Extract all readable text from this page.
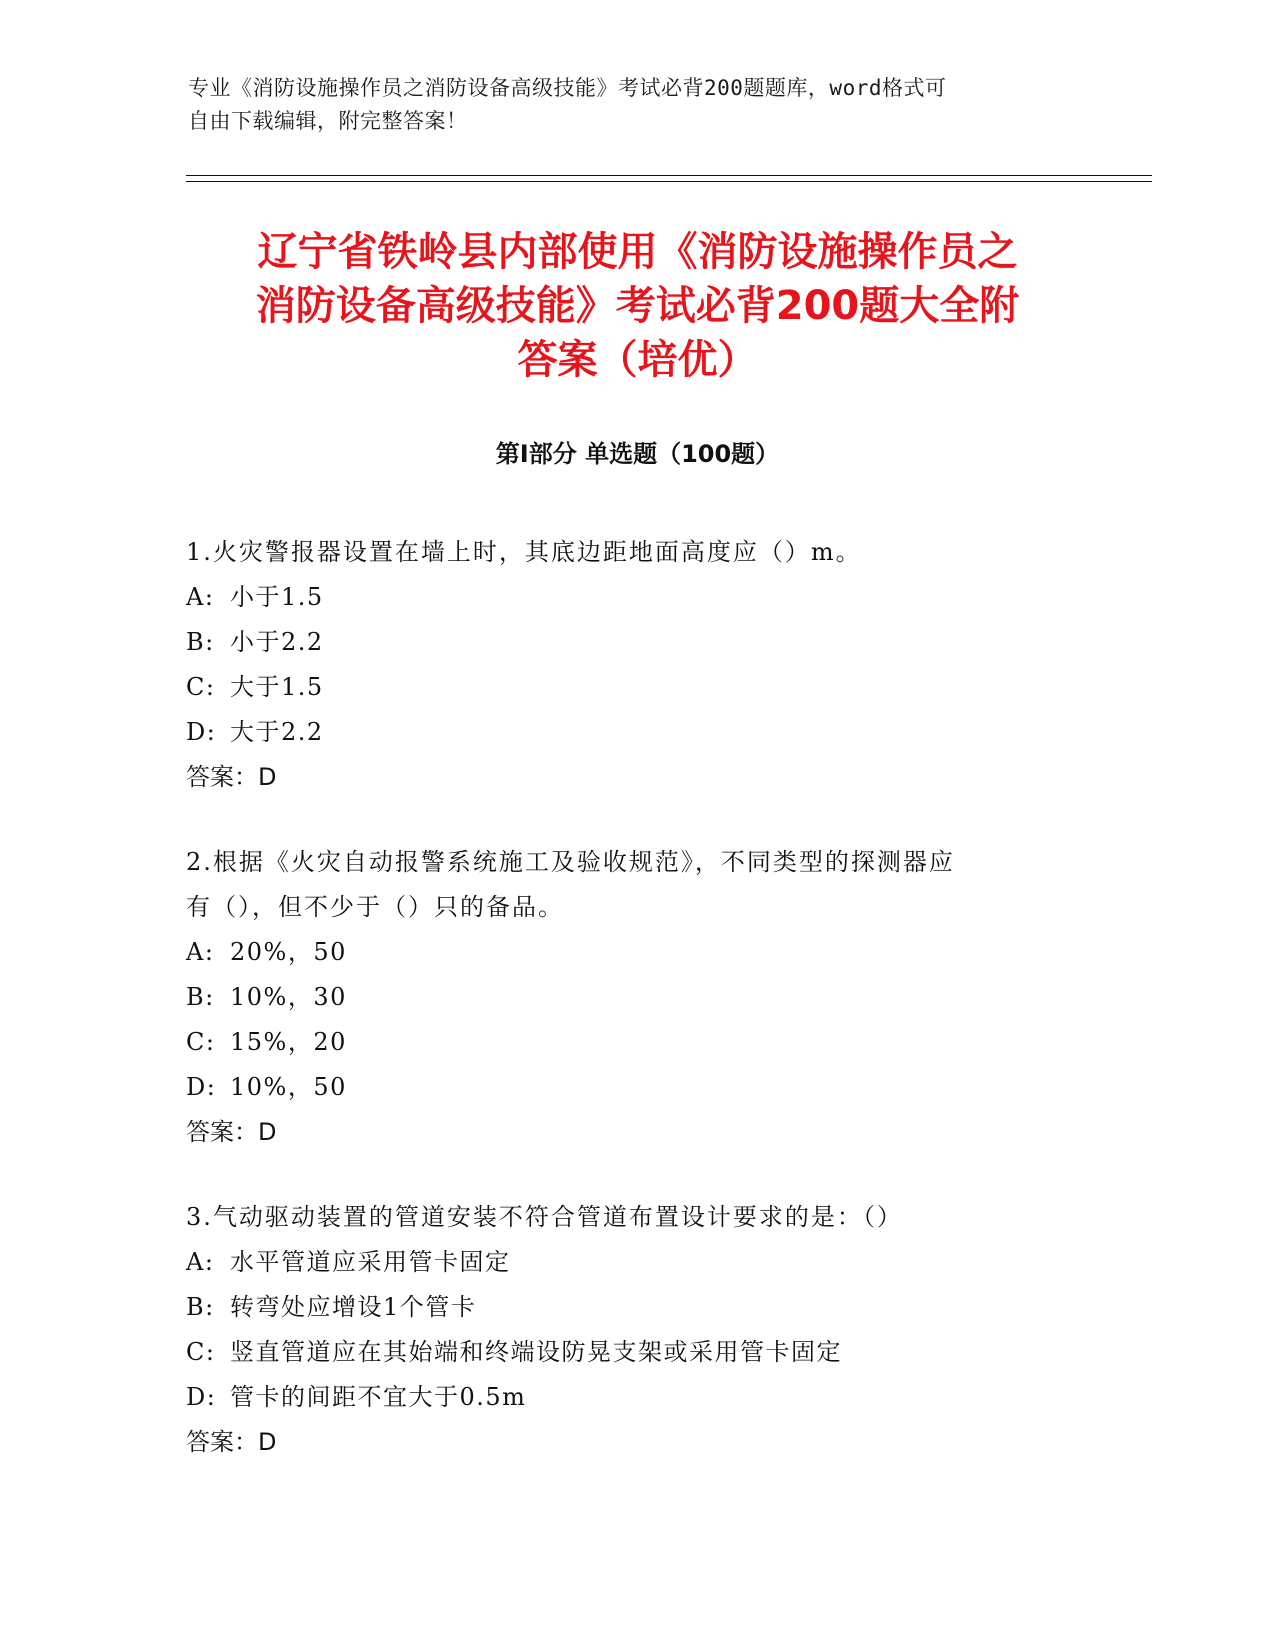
专业《消防设施操作员之消防设备高级技能》考试必背200题题库，word格式可
自由下载编辑，附完整答案！
辽宁省铁岭县内部使用《消防设施操作员之
消防设备高级技能》考试必背200题大全附
答案（培优）
第Ⅰ部分 单选题（100题）
1.火灾警报器设置在墙上时，其底边距地面高度应（）m。
A: 小于1.5
B: 小于2.2
C: 大于1.5
D: 大于2.2
答案：D
2.根据《火灾自动报警系统施工及验收规范》，不同类型的探测器应
有（），但不少于（）只的备品。
A: 20%，50
B: 10%，30
C: 15%，20
D: 10%，50
答案：D
3.气动驱动装置的管道安装不符合管道布置设计要求的是：（）
A: 水平管道应采用管卡固定
B: 转弯处应增设1个管卡
C: 竖直管道应在其始端和终端设防晃支架或采用管卡固定
D: 管卡的间距不宜大于0.5m
答案：D
